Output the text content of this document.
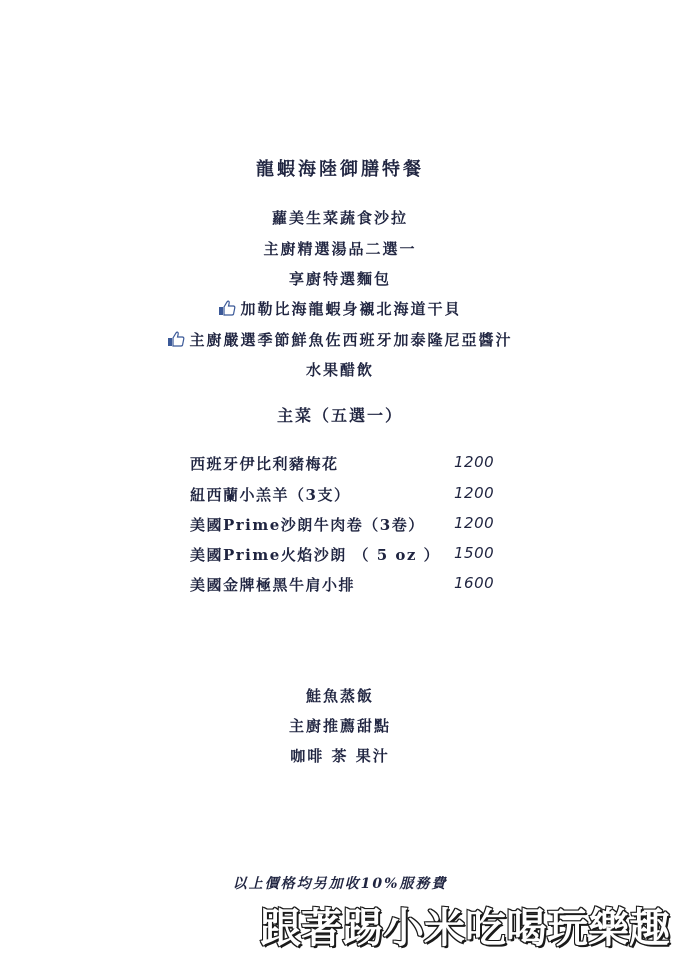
龍蝦海陸御膳特餐
蘿美生菜蔬食沙拉
主廚精選湯品二選一
享廚特選麵包
加勒比海龍蝦身襯北海道干貝
主廚嚴選季節鮮魚佐西班牙加泰隆尼亞醬汁
水果醋飲
主菜（五選一）
西班牙伊比利豬梅花	1200
紐西蘭小羔羊（3支）	1200
美國Prime沙朗牛肉卷（3卷） 1200
美國Prime火焰沙朗 （ 5 oz ） 1500
美國金牌極黑牛肩小排	1600
鮭魚蒸飯
主廚推薦甜點
咖啡 茶 果汁
以上價格均另加收10%服務費
跟著踢小米吃喝玩樂趣
